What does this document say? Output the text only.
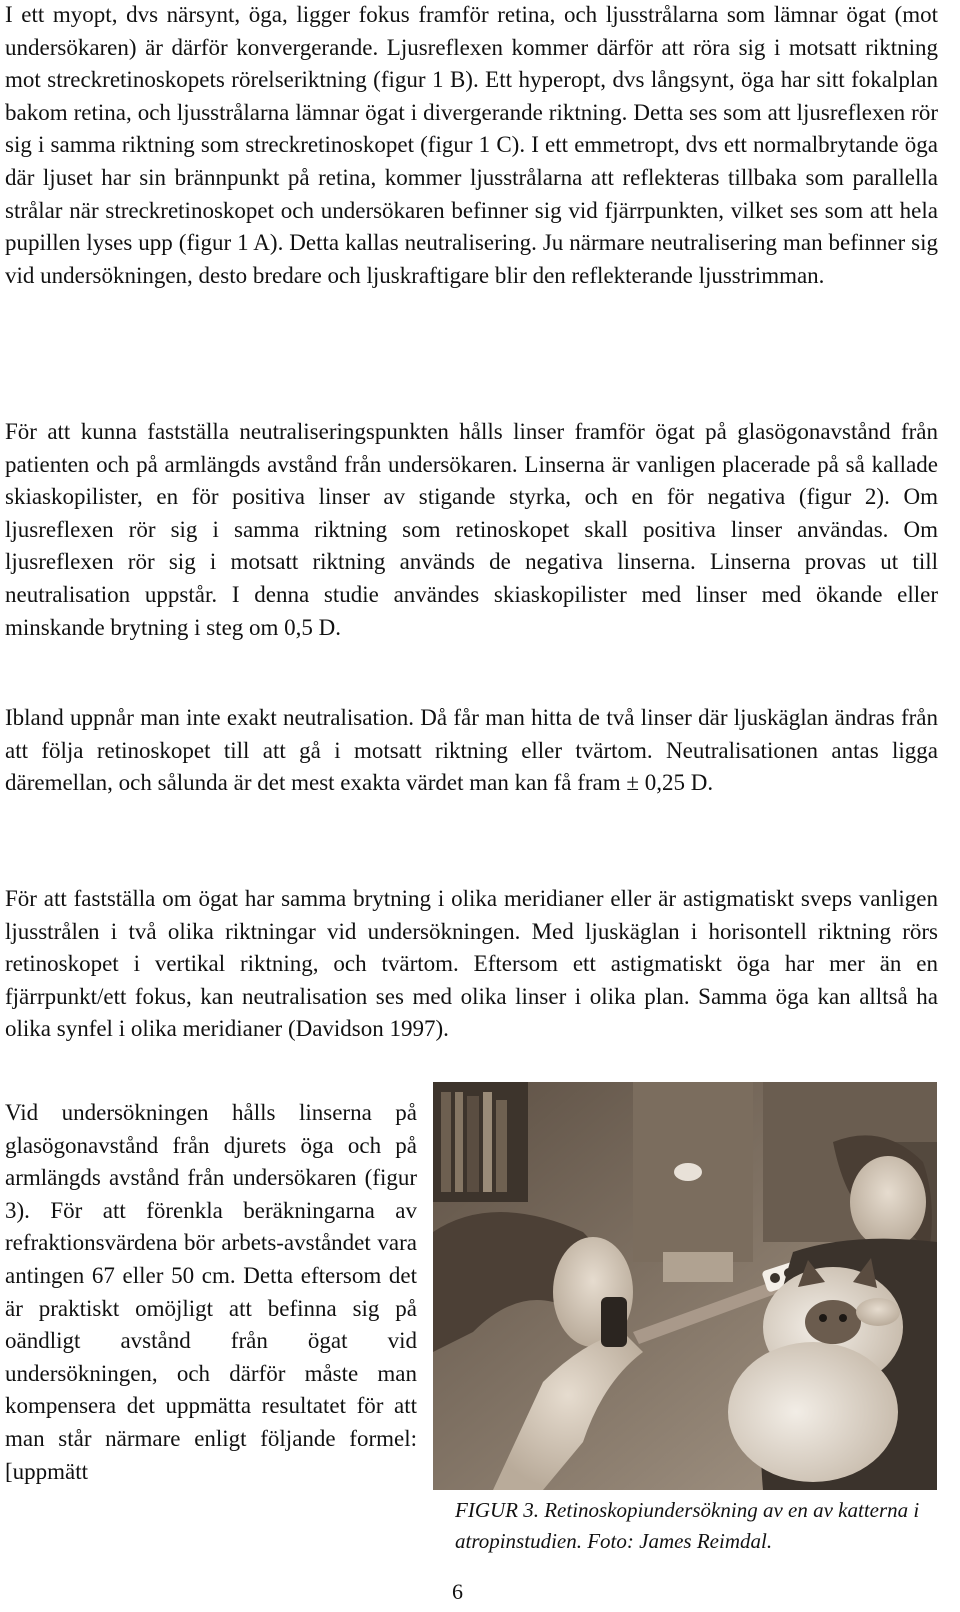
I ett myopt, dvs närsynt, öga, ligger fokus framför retina, och ljusstrålarna som lämnar ögat (mot undersökaren) är därför konvergerande. Ljusreflexen kommer därför att röra sig i motsatt riktning mot streckretinoskopets rörelseriktning (figur 1 B). Ett hyperopt, dvs långsynt, öga har sitt fokalplan bakom retina, och ljusstrålarna lämnar ögat i divergerande riktning. Detta ses som att ljusreflexen rör sig i samma riktning som streckretinoskopet (figur 1 C). I ett emmetropt, dvs ett normalbrytande öga där ljuset har sin brännpunkt på retina, kommer ljusstrålarna att reflekteras tillbaka som parallella strålar när streckretinoskopet och undersökaren befinner sig vid fjärrpunkten, vilket ses som att hela pupillen lyses upp (figur 1 A). Detta kallas neutralisering. Ju närmare neutralisering man befinner sig vid undersökningen, desto bredare och ljuskraftigare blir den reflekterande ljusstrimman.

För att kunna fastställa neutraliseringspunkten hålls linser framför ögat på glasögonavstånd från patienten och på armlängds avstånd från undersökaren. Linserna är vanligen placerade på så kallade skiaskopilister, en för positiva linser av stigande styrka, och en för negativa (figur 2). Om ljusreflexen rör sig i samma riktning som retinoskopet skall positiva linser användas. Om ljusreflexen rör sig i motsatt riktning används de negativa linserna. Linserna provas ut till neutralisation uppstår. I denna studie användes skiaskopilister med linser med ökande eller minskande brytning i steg om 0,5 D.

Ibland uppnår man inte exakt neutralisation. Då får man hitta de två linser där ljuskäglan ändras från att följa retinoskopet till att gå i motsatt riktning eller tvärtom. Neutralisationen antas ligga däremellan, och sålunda är det mest exakta värdet man kan få fram ± 0,25 D.

För att fastställa om ögat har samma brytning i olika meridianer eller är astigmatiskt sveps vanligen ljusstrålen i två olika riktningar vid undersökningen. Med ljuskäglan i horisontell riktning rörs retinoskopet i vertikal riktning, och tvärtom. Eftersom ett astigmatiskt öga har mer än en fjärrpunkt/ett fokus, kan neutralisation ses med olika linser i olika plan. Samma öga kan alltså ha olika synfel i olika meridianer (Davidson 1997).

Vid undersökningen hålls linserna på glasögonavstånd från djurets öga och på armlängds avstånd från undersökaren (figur 3). För att förenkla beräkningarna av refraktionsvärdena bör arbets-avståndet vara antingen 67 eller 50 cm. Detta eftersom det är praktiskt omöjligt att befinna sig på oändligt avstånd från ögat vid undersökningen, och därför måste man kompensera det uppmätta resultatet för att man står närmare enligt följande formel: [uppmätt

FIGUR 3. Retinoskopiundersökning av en av katterna i atropinstudien. Foto: James Reimdal.

6
